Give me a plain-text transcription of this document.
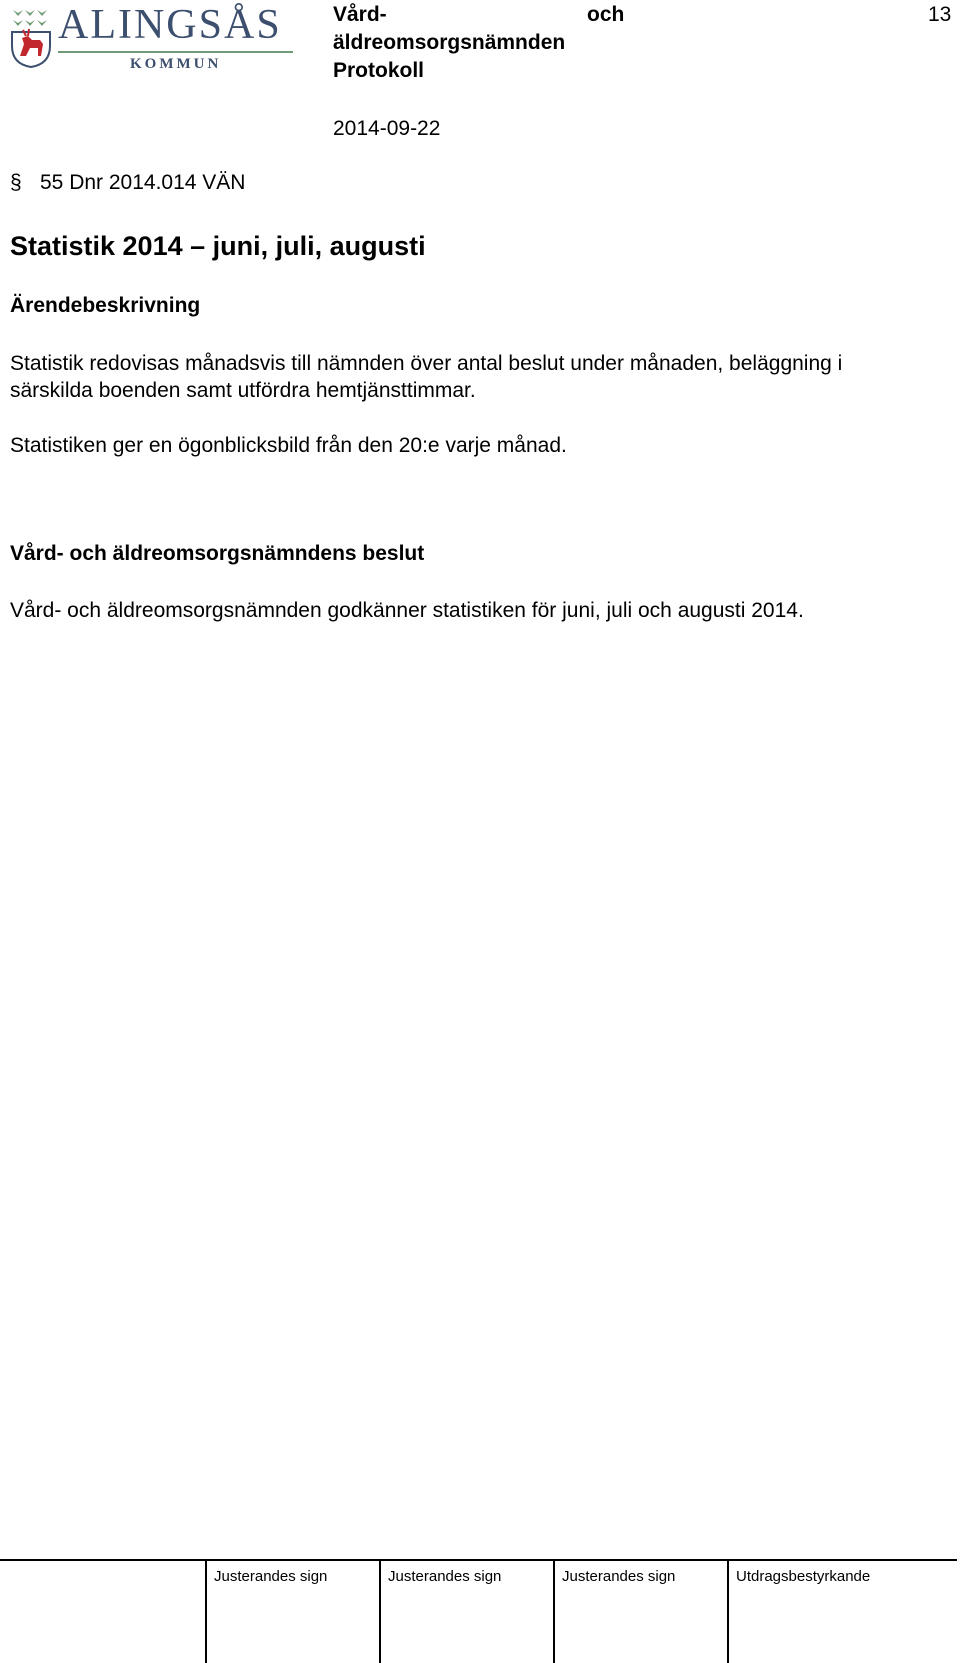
ALINGSÅS
KOMMUN
Vård-	och
äldreomsorgsnämnden
Protokoll
2014-09-22
13
§ 55 Dnr 2014.014 VÄN
Statistik 2014 – juni, juli, augusti
Ärendebeskrivning
Statistik redovisas månadsvis till nämnden över antal beslut under månaden, beläggning i särskilda boenden samt utfördra hemtjänsttimmar.
Statistiken ger en ögonblicksbild från den 20:e varje månad.
Vård- och äldreomsorgsnämndens beslut
Vård- och äldreomsorgsnämnden godkänner statistiken för juni, juli och augusti 2014.
Justerandes sign	Justerandes sign	Justerandes sign	Utdragsbestyrkande
